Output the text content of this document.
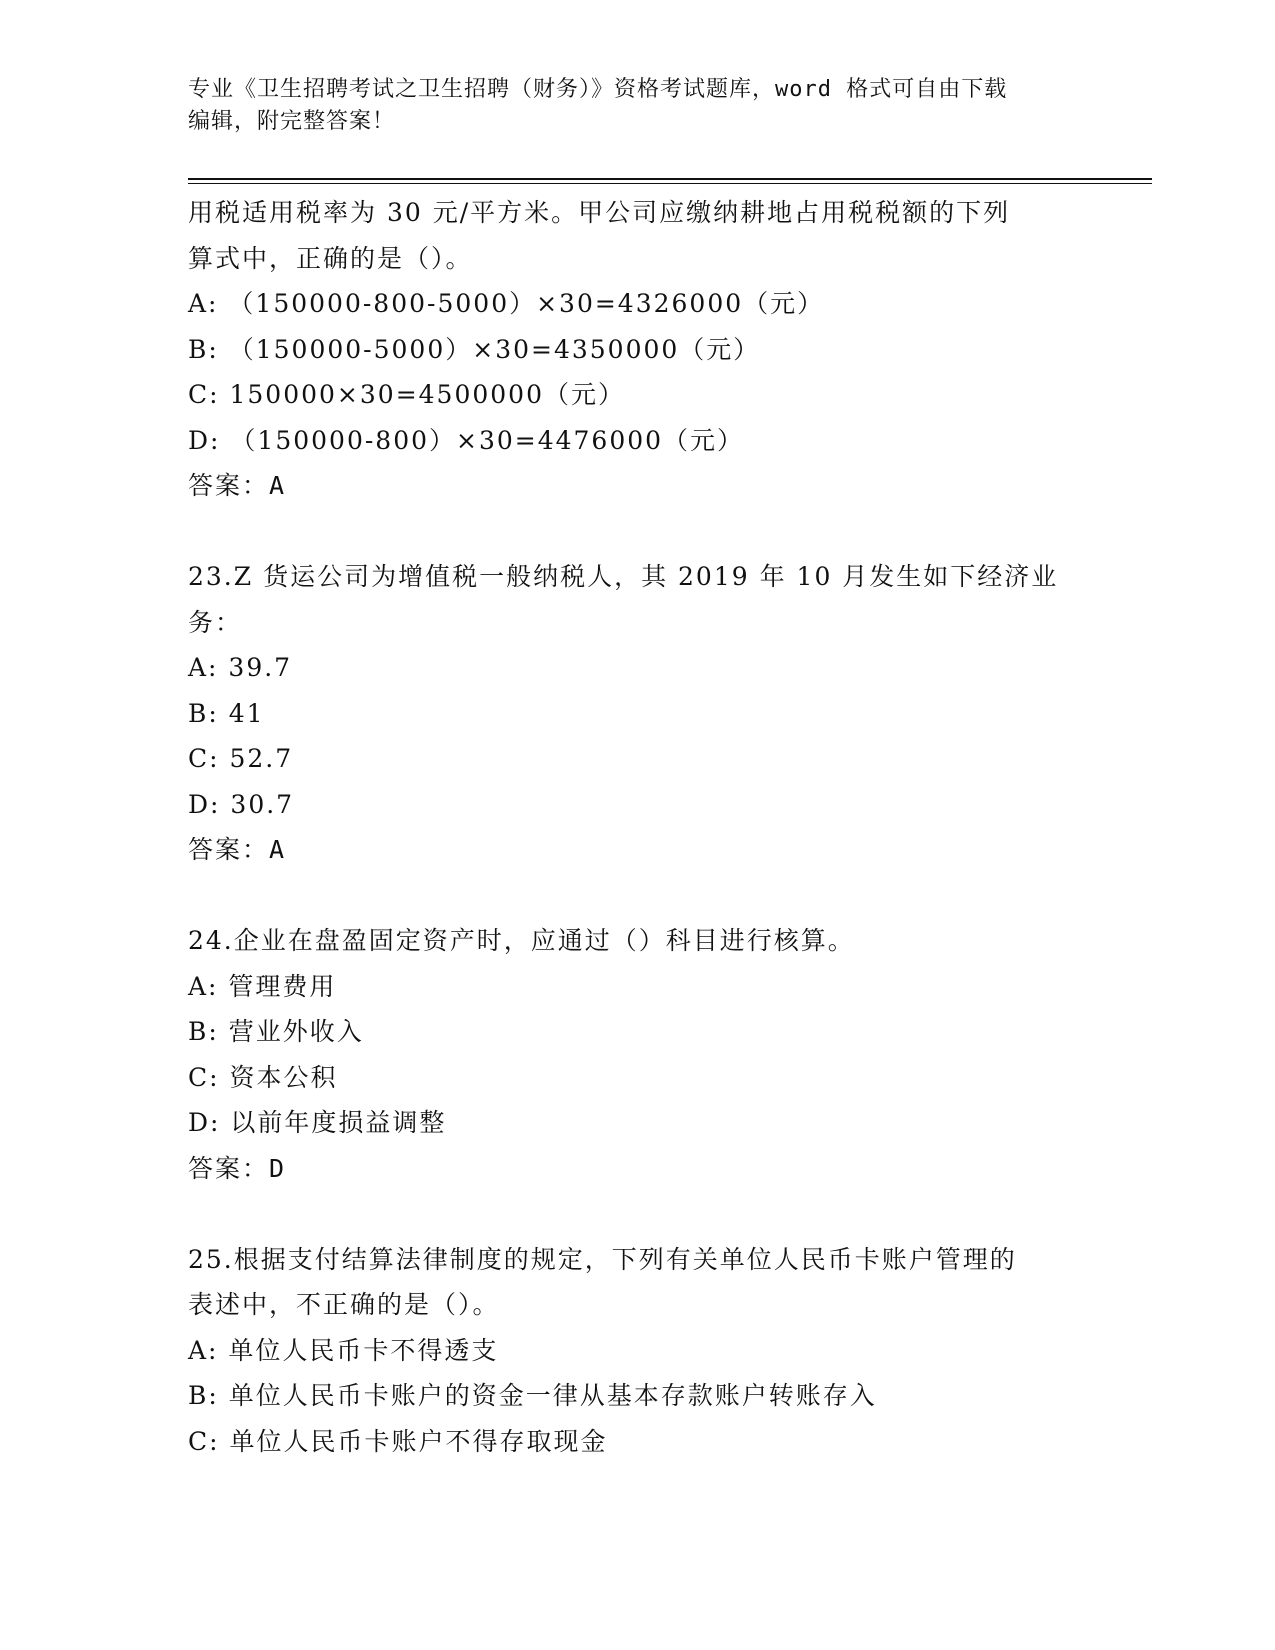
专业《卫生招聘考试之卫生招聘（财务）》资格考试题库，word 格式可自由下载
编辑，附完整答案！
用税适用税率为 30 元/平方米。甲公司应缴纳耕地占用税税额的下列
算式中，正确的是（）。
A: （150000-800-5000）×30=4326000（元）
B: （150000-5000）×30=4350000（元）
C: 150000×30=4500000（元）
D: （150000-800）×30=4476000（元）
答案：A
23.Z 货运公司为增值税一般纳税人，其 2019 年 10 月发生如下经济业
务：
A: 39.7
B: 41
C: 52.7
D: 30.7
答案：A
24.企业在盘盈固定资产时，应通过（）科目进行核算。
A: 管理费用
B: 营业外收入
C: 资本公积
D: 以前年度损益调整
答案：D
25.根据支付结算法律制度的规定，下列有关单位人民币卡账户管理的
表述中，不正确的是（）。
A: 单位人民币卡不得透支
B: 单位人民币卡账户的资金一律从基本存款账户转账存入
C: 单位人民币卡账户不得存取现金
